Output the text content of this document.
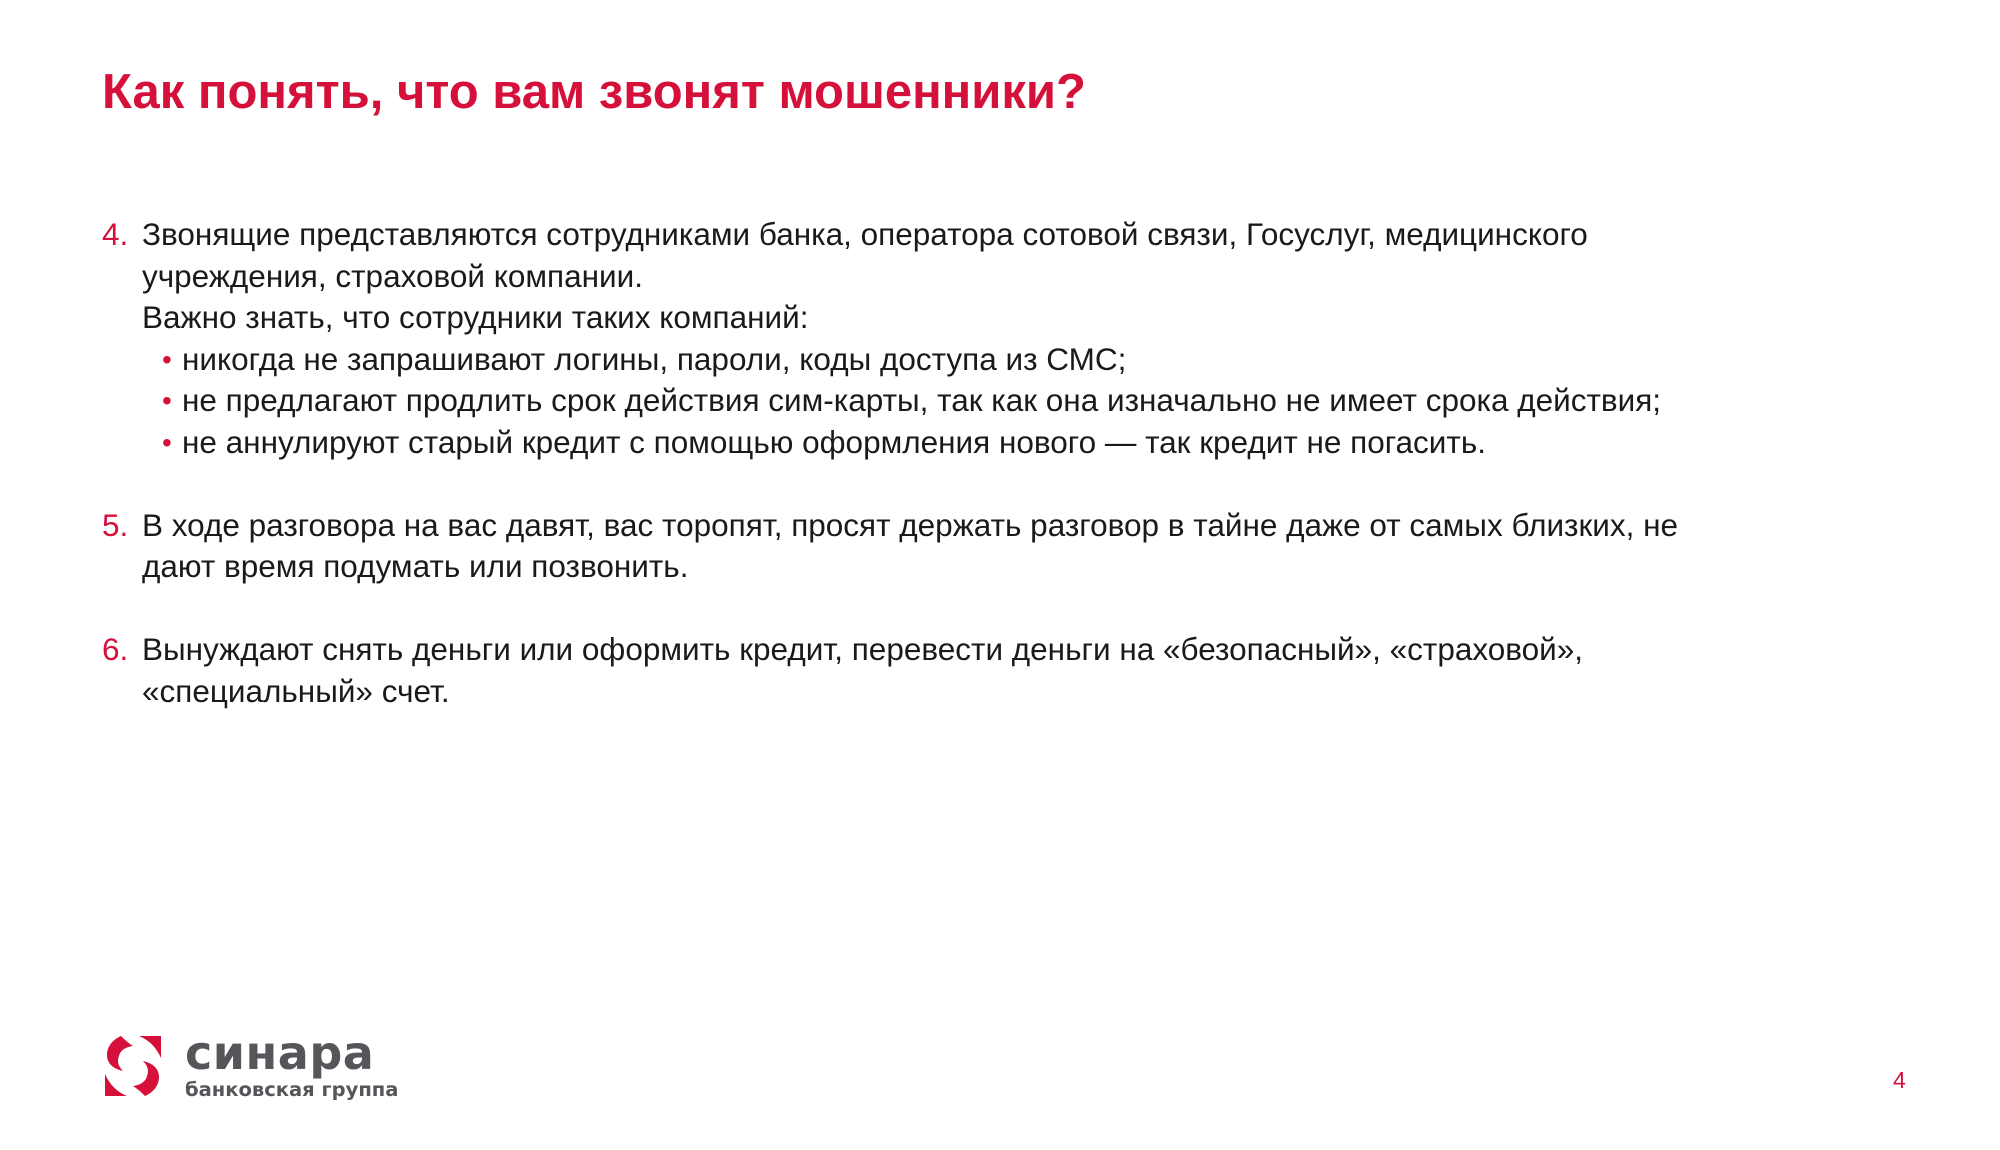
Как понять, что вам звонят мошенники?
4. Звонящие представляются сотрудниками банка, оператора сотовой связи, Госуслуг, медицинского учреждения, страховой компании.

Важно знать, что сотрудники таких компаний:

• никогда не запрашивают логины, пароли, коды доступа из СМС;
• не предлагают продлить срок действия сим-карты, так как она изначально не имеет срока действия;
• не аннулируют старый кредит с помощью оформления нового — так кредит не погасить.
5. В ходе разговора на вас давят, вас торопят, просят держать разговор в тайне даже от самых близких, не дают время подумать или позвонить.

6. Вынуждают снять деньги или оформить кредит, перевести деньги на «безопасный», «страховой», «специальный» счет.

синара
банковская группа	4
